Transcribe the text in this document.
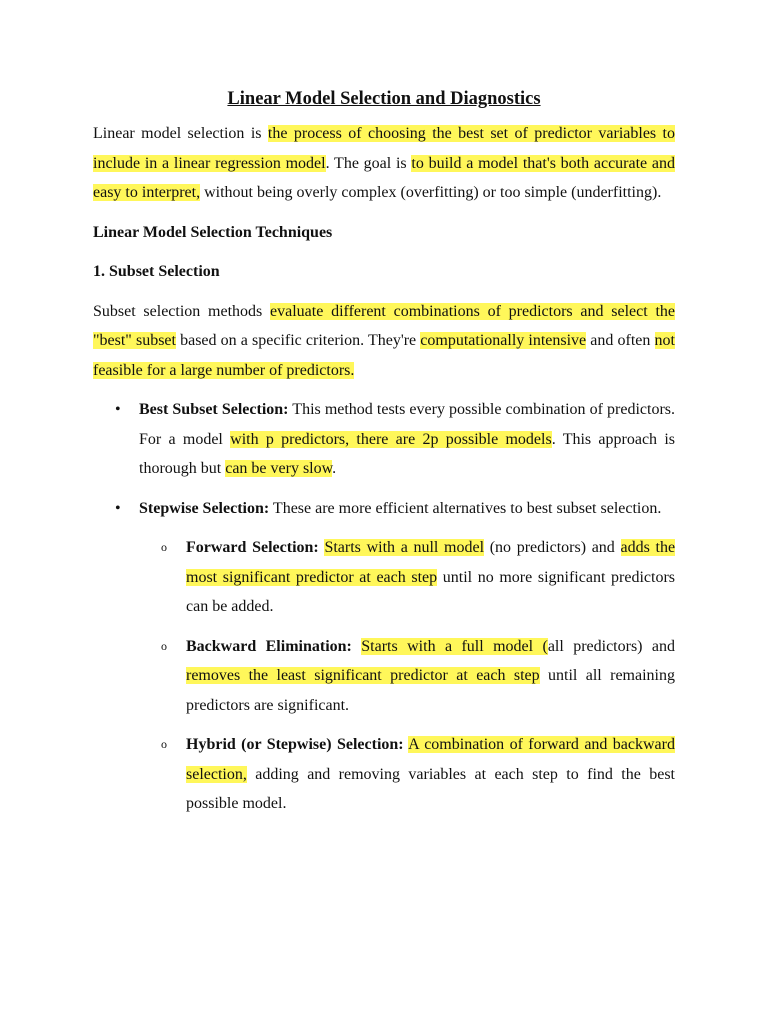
Linear Model Selection and Diagnostics

Linear model selection is the process of choosing the best set of predictor variables to include in a linear regression model. The goal is to build a model that's both accurate and easy to interpret, without being overly complex (overfitting) or too simple (underfitting).

Linear Model Selection Techniques

1. Subset Selection

Subset selection methods evaluate different combinations of predictors and select the "best" subset based on a specific criterion. They're computationally intensive and often not feasible for a large number of predictors.

• Best Subset Selection: This method tests every possible combination of predictors. For a model with p predictors, there are 2p possible models. This approach is thorough but can be very slow.

• Stepwise Selection: These are more efficient alternatives to best subset selection.

o Forward Selection: Starts with a null model (no predictors) and adds the most significant predictor at each step until no more significant predictors can be added.

o Backward Elimination: Starts with a full model (all predictors) and removes the least significant predictor at each step until all remaining predictors are significant.

o Hybrid (or Stepwise) Selection: A combination of forward and backward selection, adding and removing variables at each step to find the best possible model.
